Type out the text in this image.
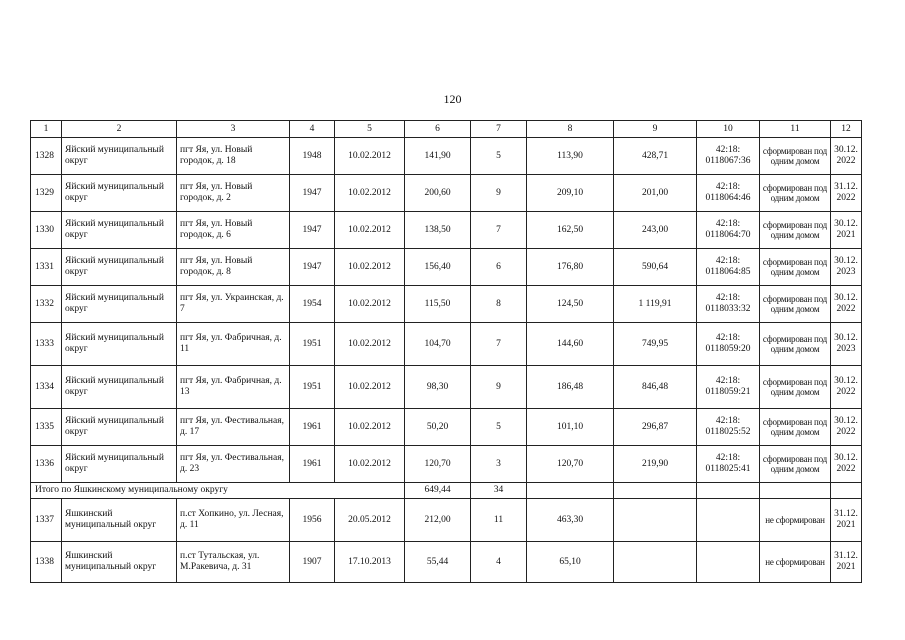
120
1	2	3	4	5	6	7	8	9	10	11	12
1328	Яйский муниципальный округ	пгт Яя, ул. Новый городок, д. 18	1948	10.02.2012	141,90	5	113,90	428,71	42:18: 0118067:36	сформирован под одним домом	30.12. 2022
1329	Яйский муниципальный округ	пгт Яя, ул. Новый городок, д. 2	1947	10.02.2012	200,60	9	209,10	201,00	42:18: 0118064:46	сформирован под одним домом	31.12. 2022
1330	Яйский муниципальный округ	пгт Яя, ул. Новый городок, д. 6	1947	10.02.2012	138,50	7	162,50	243,00	42:18: 0118064:70	сформирован под одним домом	30.12. 2021
1331	Яйский муниципальный округ	пгт Яя, ул. Новый городок, д. 8	1947	10.02.2012	156,40	6	176,80	590,64	42:18: 0118064:85	сформирован под одним домом	30.12. 2023
1332	Яйский муниципальный округ	пгт Яя, ул. Украинская, д. 7	1954	10.02.2012	115,50	8	124,50	1 119,91	42:18: 0118033:32	сформирован под одним домом	30.12. 2022
1333	Яйский муниципальный округ	пгт Яя, ул. Фабричная, д. 11	1951	10.02.2012	104,70	7	144,60	749,95	42:18: 0118059:20	сформирован под одним домом	30.12. 2023
1334	Яйский муниципальный округ	пгт Яя, ул. Фабричная, д. 13	1951	10.02.2012	98,30	9	186,48	846,48	42:18: 0118059:21	сформирован под одним домом	30.12. 2022
1335	Яйский муниципальный округ	пгт Яя, ул. Фестивальная, д. 17	1961	10.02.2012	50,20	5	101,10	296,87	42:18: 0118025:52	сформирован под одним домом	30.12. 2022
1336	Яйский муниципальный округ	пгт Яя, ул. Фестивальная, д. 23	1961	10.02.2012	120,70	3	120,70	219,90	42:18: 0118025:41	сформирован под одним домом	30.12. 2022
Итого по Яшкинскому муниципальному округу					649,44	34					
1337	Яшкинский муниципальный округ	п.ст Хопкино, ул. Лесная, д. 11	1956	20.05.2012	212,00	11	463,30			не сформирован	31.12. 2021
1338	Яшкинский муниципальный округ	п.ст Тутальская, ул. М.Ракевича, д. 31	1907	17.10.2013	55,44	4	65,10			не сформирован	31.12. 2021
